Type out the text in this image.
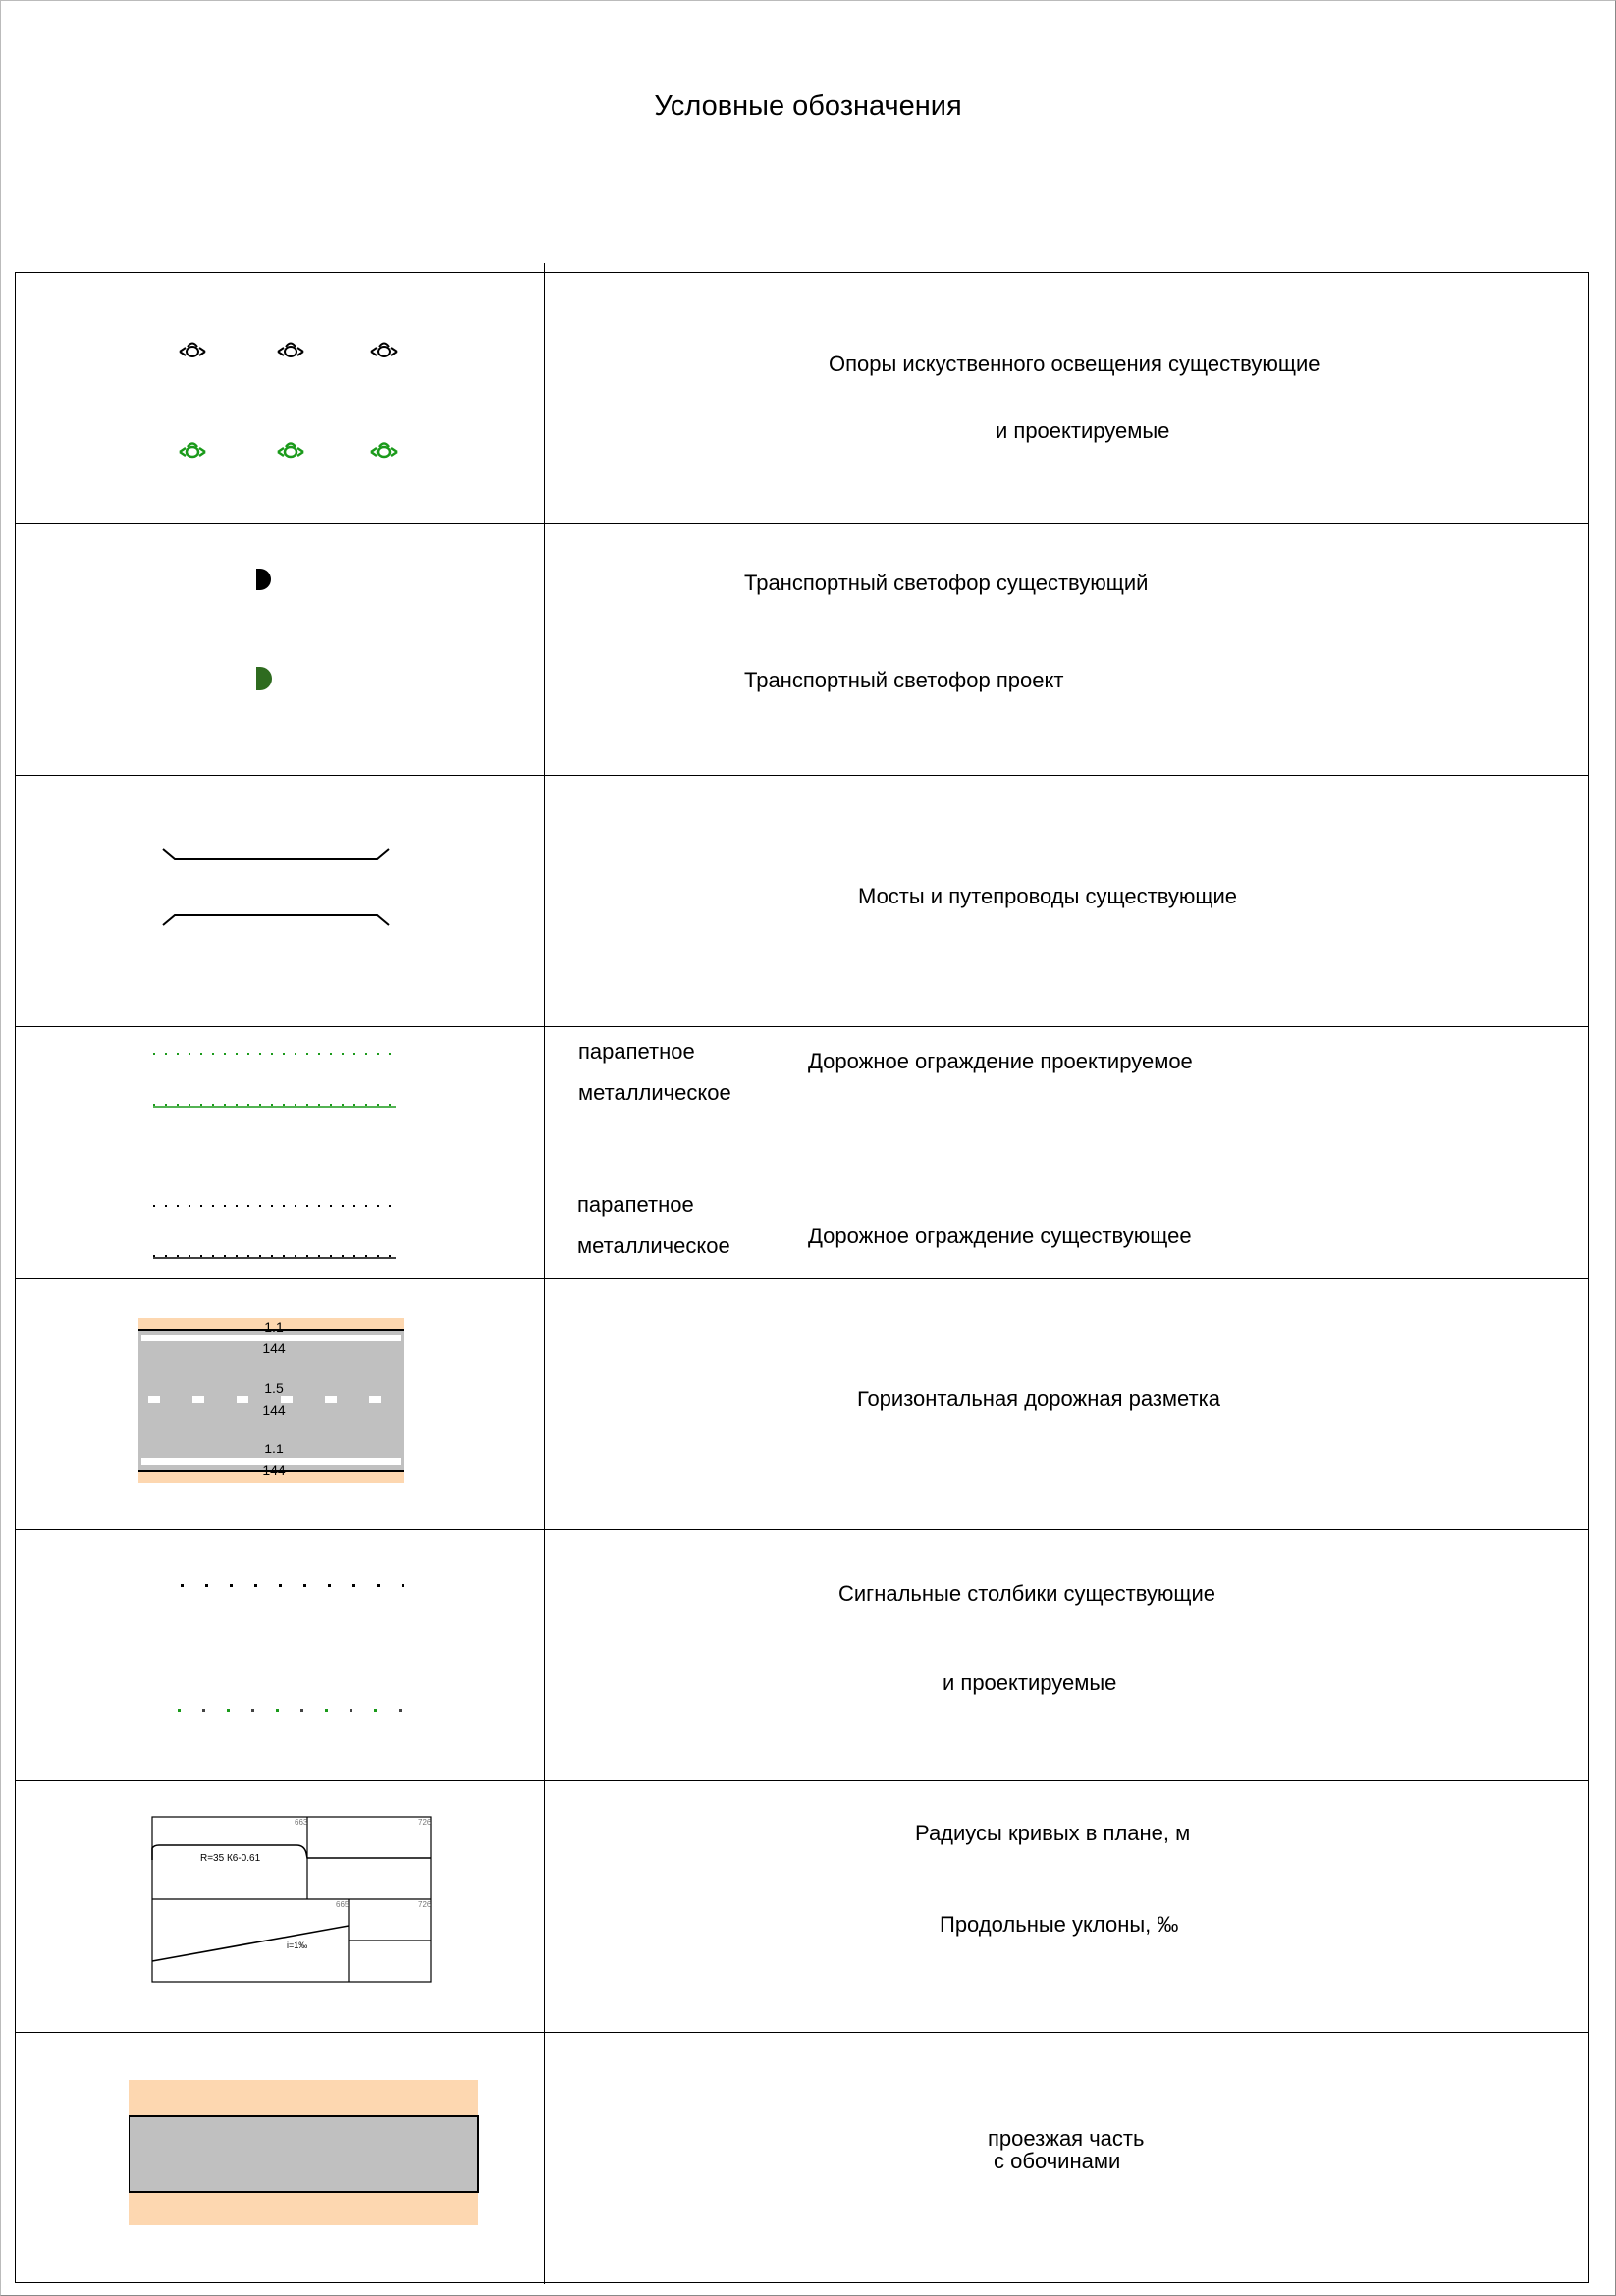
Условные обозначения
Опоры искуственного освещения существующие
и проектируемые
Транспортный светофор существующий
Транспортный светофор проект
Мосты и путепроводы существующие
парапетное
металлическое
Дорожное ограждение проектируемое
парапетное
металлическое	Дорожное ограждение существующее
1.1
144
1.5
144
1.1
144
Горизонтальная дорожная разметка
Сигнальные столбики существующие
и проектируемые
R=35 К6-0.61
i=1‰
663	726
665	726
Радиусы кривых в плане, м
Продольные уклоны, ‰
проезжая часть
с обочинами
